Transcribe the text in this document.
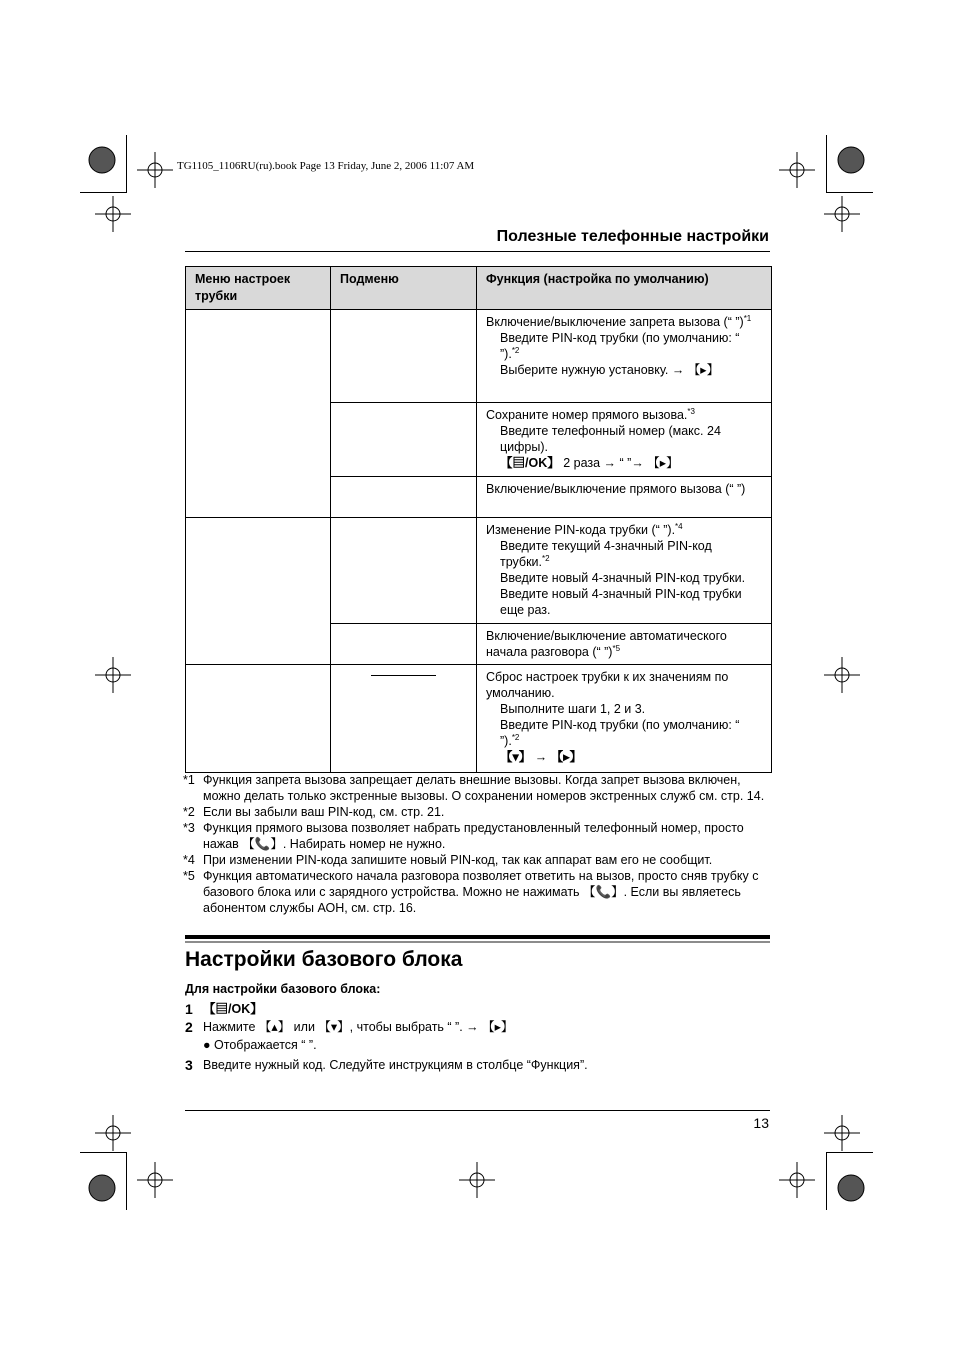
TG1105_1106RU(ru).book Page 13 Friday, June 2, 2006 11:07 AM
Полезные телефонные настройки
Меню настроек трубки	Подменю	Функция (настройка по умолчанию)

		Включение/выключение запрета вызова (“ ”)$^{*1}$
Введите PIN-код трубки (по умолчанию: “ ”).$^{*2}$
Выберите нужную установку. → 【▸】

		Сохраните номер прямого вызова.$^{*3}$
Введите телефонный номер (макс. 24 цифры).
【▤/OK】 2 раза → “ ”→ 【▸】

		Включение/выключение прямого вызова (“ ”)

		Изменение PIN-кода трубки (“ ”).$^{*4}$
Введите текущий 4-значный PIN-код трубки.$^{*2}$
Введите новый 4-значный PIN-код трубки.
Введите новый 4-значный PIN-код трубки еще раз.

		Включение/выключение автоматического начала разговора (“ ”)$^{*5}$

		Сброс настроек трубки к их значениям по умолчанию.
Выполните шаги 1, 2 и 3.
Введите PIN-код трубки (по умолчанию: “ ”).$^{*2}$
【▾】 → 【▸】
*1 Функция запрета вызова запрещает делать внешние вызовы. Когда запрет вызова включен, можно делать только экстренные вызовы. О сохранении номеров экстренных служб см. стр. 14.
*2 Если вы забыли ваш PIN-код, см. стр. 21.
*3 Функция прямого вызова позволяет набрать предустановленный телефонный номер, просто нажав 【📞】. Набирать номер не нужно.
*4 При изменении PIN-кода запишите новый PIN-код, так как аппарат вам его не сообщит.
*5 Функция автоматического начала разговора позволяет ответить на вызов, просто сняв трубку с базового блока или с зарядного устройства. Можно не нажимать 【📞】. Если вы являетесь абонентом службы АОН, см. стр. 16.
Настройки базового блока
Для настройки базового блока:
1 【▤/OK】
2 Нажмите 【▴】 или 【▾】, чтобы выбрать “ ”. → 【▸】
● Отображается “ ”.
3 Введите нужный код. Следуйте инструкциям в столбце “Функция”.
13
